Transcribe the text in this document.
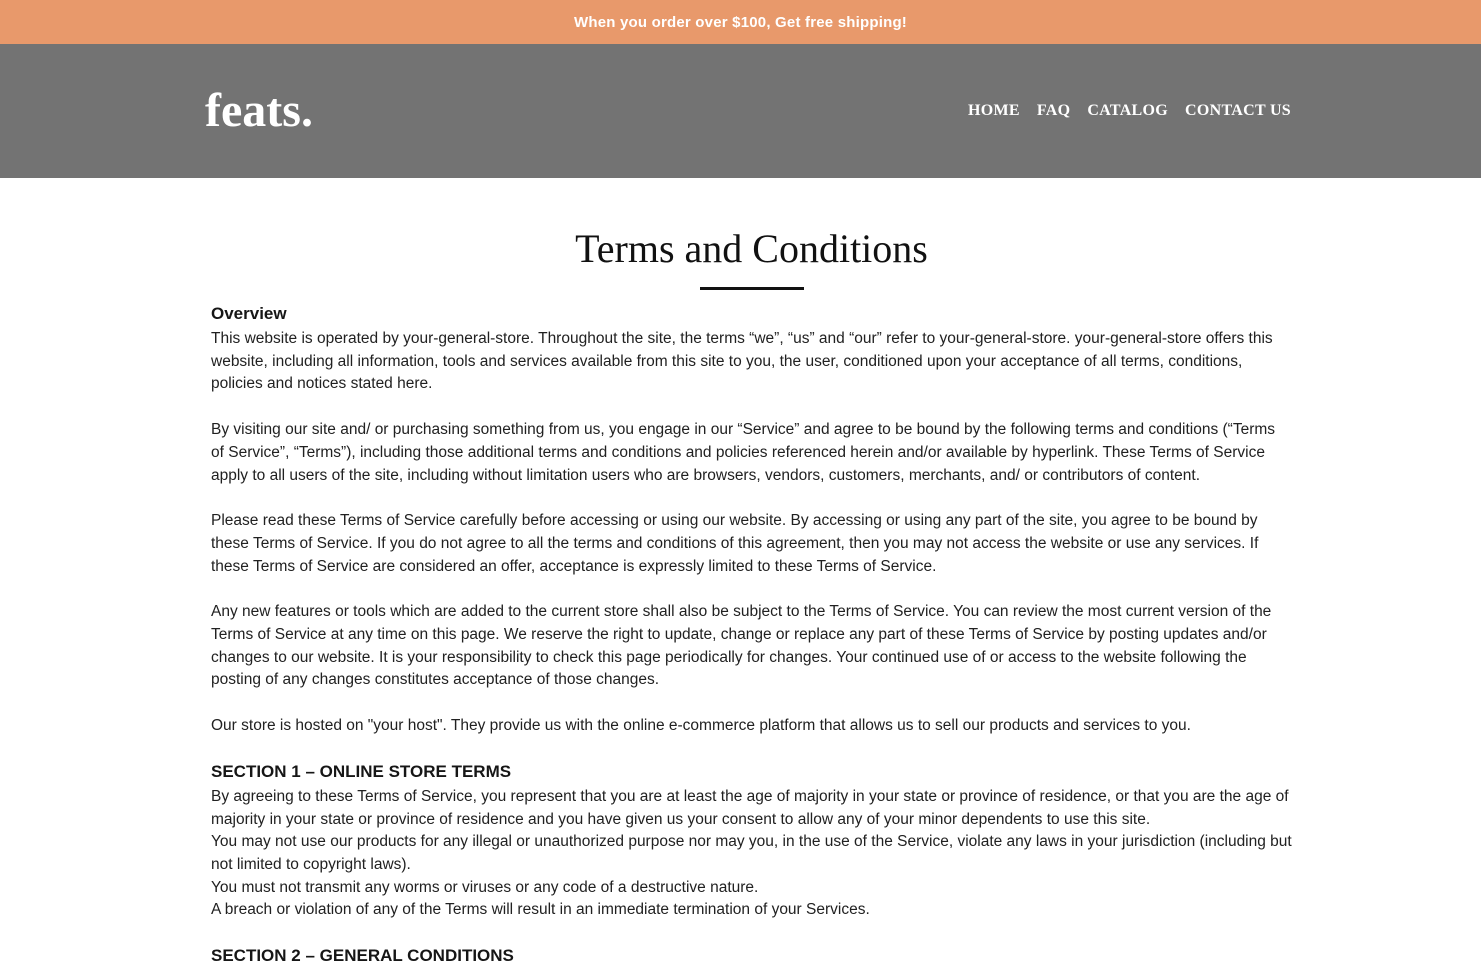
When you order over $100, Get free shipping!
feats.	HOME FAQ CATALOG CONTACT US
Terms and Conditions
Overview

This website is operated by your-general-store. Throughout the site, the terms “we”, “us” and “our” refer to your-general-store. your-general-store offers this website, including all information, tools and services available from this site to you, the user, conditioned upon your acceptance of all terms, conditions, policies and notices stated here.

By visiting our site and/ or purchasing something from us, you engage in our “Service” and agree to be bound by the following terms and conditions (“Terms of Service”, “Terms”), including those additional terms and conditions and policies referenced herein and/or available by hyperlink. These Terms of Service apply to all users of the site, including without limitation users who are browsers, vendors, customers, merchants, and/ or contributors of content.

Please read these Terms of Service carefully before accessing or using our website. By accessing or using any part of the site, you agree to be bound by these Terms of Service. If you do not agree to all the terms and conditions of this agreement, then you may not access the website or use any services. If these Terms of Service are considered an offer, acceptance is expressly limited to these Terms of Service.

Any new features or tools which are added to the current store shall also be subject to the Terms of Service. You can review the most current version of the Terms of Service at any time on this page. We reserve the right to update, change or replace any part of these Terms of Service by posting updates and/or changes to our website. It is your responsibility to check this page periodically for changes. Your continued use of or access to the website following the posting of any changes constitutes acceptance of those changes.

Our store is hosted on "your host". They provide us with the online e-commerce platform that allows us to sell our products and services to you.

SECTION 1 – ONLINE STORE TERMS

By agreeing to these Terms of Service, you represent that you are at least the age of majority in your state or province of residence, or that you are the age of majority in your state or province of residence and you have given us your consent to allow any of your minor dependents to use this site.
You may not use our products for any illegal or unauthorized purpose nor may you, in the use of the Service, violate any laws in your jurisdiction (including but not limited to copyright laws).
You must not transmit any worms or viruses or any code of a destructive nature.
A breach or violation of any of the Terms will result in an immediate termination of your Services.

SECTION 2 – GENERAL CONDITIONS
